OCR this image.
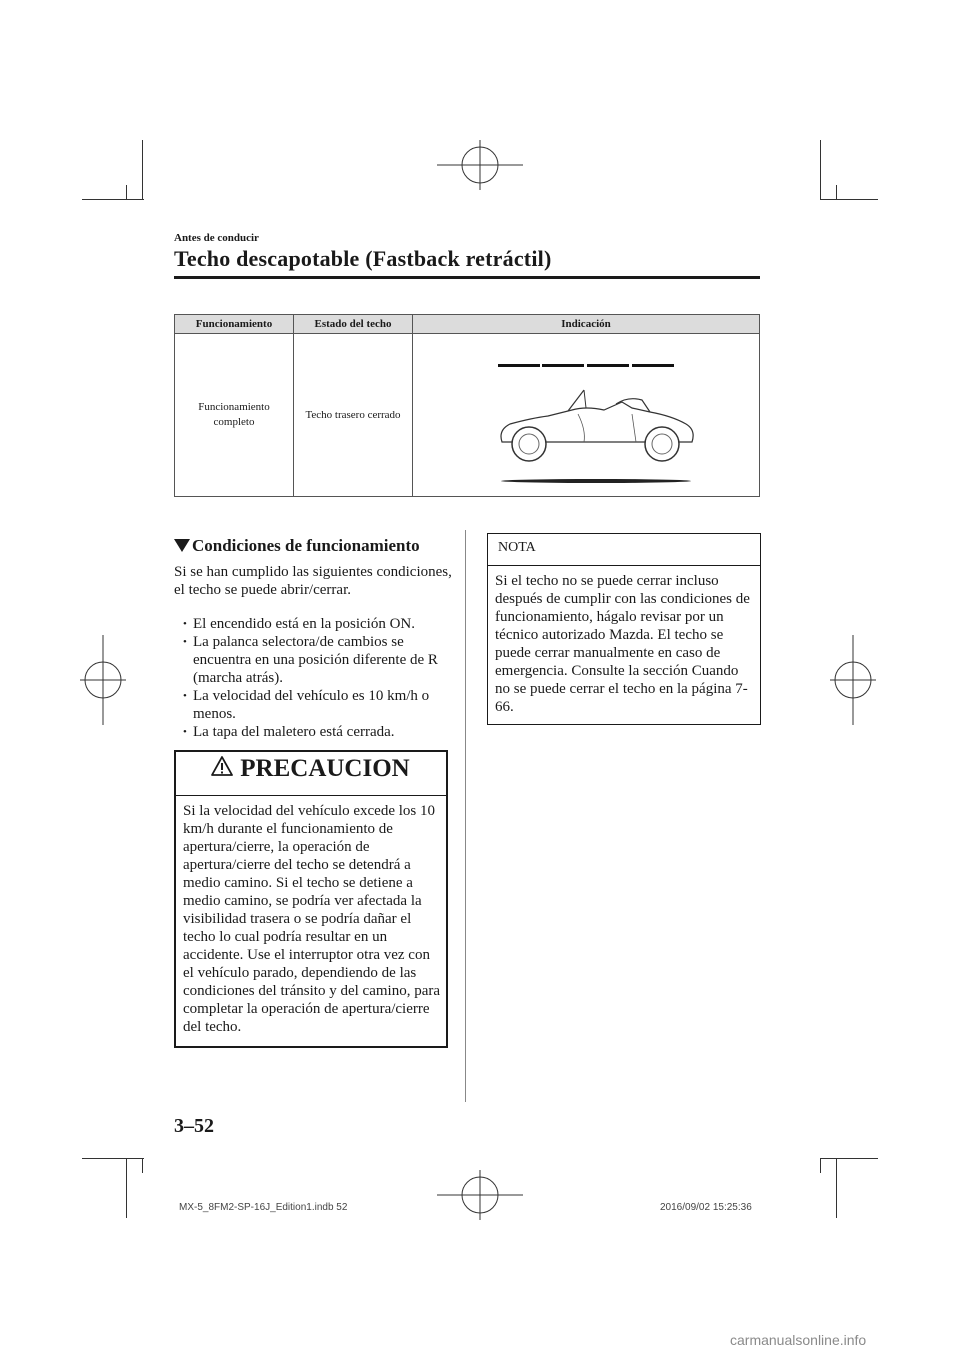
Antes de conducir
Techo descapotable (Fastback retráctil)
Funcionamiento	Estado del techo	Indicación
Funcionamiento completo	Techo trasero cerrado	
Condiciones de funcionamiento
Si se han cumplido las siguientes condiciones, el techo se puede abrir/cerrar.
• El encendido está en la posición ON.
• La palanca selectora/de cambios se encuentra en una posición diferente de R (marcha atrás).
• La velocidad del vehículo es 10 km/h o menos.
• La tapa del maletero está cerrada.
PRECAUCION
Si la velocidad del vehículo excede los 10 km/h durante el funcionamiento de apertura/cierre, la operación de apertura/cierre del techo se detendrá a medio camino. Si el techo se detiene a medio camino, se podría ver afectada la visibilidad trasera o se podría dañar el techo lo cual podría resultar en un accidente. Use el interruptor otra vez con el vehículo parado, dependiendo de las condiciones del tránsito y del camino, para completar la operación de apertura/cierre del techo.
NOTA
Si el techo no se puede cerrar incluso después de cumplir con las condiciones de funcionamiento, hágalo revisar por un técnico autorizado Mazda. El techo se puede cerrar manualmente en caso de emergencia. Consulte la sección Cuando no se puede cerrar el techo en la página 7-66.
3–52
MX-5_8FM2-SP-16J_Edition1.indb 52	2016/09/02 15:25:36
carmanualsonline.info
